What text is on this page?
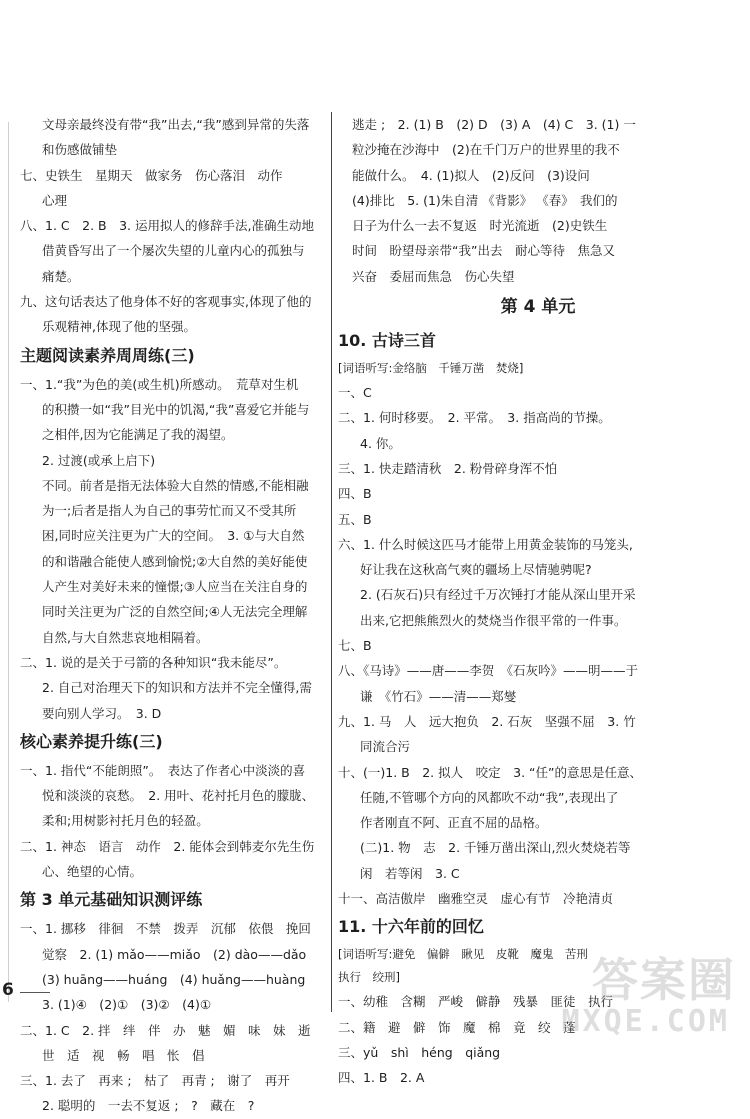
文母亲最终没有带“我”出去,“我”感到异常的失落
和伤感做铺垫
七、史铁生　星期天　做家务　伤心落泪　动作
心理
八、1. C　2. B　3. 运用拟人的修辞手法,准确生动地
借黄昏写出了一个屡次失望的儿童内心的孤独与
痛楚。
九、这句话表达了他身体不好的客观事实,体现了他的
乐观精神,体现了他的坚强。
主题阅读素养周周练(三)
一、1.“我”为色的美(或生机)所感动。　荒草对生机
的积攒一如“我”目光中的饥渴,“我”喜爱它并能与
之相伴,因为它能满足了我的渴望。
2. 过渡(或承上启下)
不同。前者是指无法体验大自然的情感,不能相融
为一;后者是指人为自己的事劳忙而又不受其所
困,同时应关注更为广大的空间。　3. ①与大自然
的和谐融合能使人感到愉悦;②大自然的美好能使
人产生对美好未来的憧憬;③人应当在关注自身的
同时关注更为广泛的自然空间;④人无法完全理解
自然,与大自然悲哀地相隔着。
二、1. 说的是关于弓箭的各种知识“我未能尽”。
2. 自己对治理天下的知识和方法并不完全懂得,需
要向别人学习。　3. D
核心素养提升练(三)
一、1. 指代“不能朗照”。　表达了作者心中淡淡的喜
悦和淡淡的哀愁。　2. 用叶、花衬托月色的朦胧、
柔和;用树影衬托月色的轻盈。
二、1. 神态　语言　动作　2. 能体会到韩麦尔先生伤
心、绝望的心情。
第 3 单元基础知识测评练
一、1. 挪移　徘徊　不禁　拨弄　沉郁　依偎　挽回
觉察　2. (1) mǎo——miǎo　(2) dào——dǎo
(3) huāng——huáng　(4) huǎng——huàng
3. (1)④　(2)①　(3)②　(4)①
二、1. C　2. 拌　绊　伴　办　魅　媚　味　妹　逝
世　适　视　畅　唱　怅　倡
三、1. 去了　再来 ;　枯了　再青 ;　谢了　再开
2. 聪明的　一去不复返 ;　?　藏在　?
逃走 ;　2. (1) B　(2) D　(3) A　(4) C　3. (1) 一
粒沙掩在沙海中　(2)在千门万户的世界里的我不
能做什么。　4. (1)拟人　(2)反问　(3)设问
(4)排比　5. (1)朱自清 《背影》 《春》　我们的
日子为什么一去不复返　时光流逝　(2)史铁生
时间　盼望母亲带“我”出去　耐心等待　焦急又
兴奋　委屈而焦急　伤心失望
第 4 单元
10. 古诗三首
[词语听写:金络脑　千锤万凿　焚烧]
一、C
二、1. 何时移要。　2. 平常。　3. 指高尚的节操。
4. 你。
三、1. 快走踏清秋　2. 粉骨碎身浑不怕
四、B
五、B
六、1. 什么时候这匹马才能带上用黄金装饰的马笼头,
好让我在这秋高气爽的疆场上尽情驰骋呢?
2. (石灰石)只有经过千万次锤打才能从深山里开采
出来,它把熊熊烈火的焚烧当作很平常的一件事。
七、B
八、《马诗》——唐——李贺　《石灰吟》——明——于
谦　《竹石》——清——郑燮
九、1. 马　人　远大抱负　2. 石灰　坚强不屈　3. 竹
同流合污
十、(一)1. B　2. 拟人　咬定　3. “任”的意思是任意、
任随,不管哪个方向的风都吹不动“我”,表现出了
作者刚直不阿、正直不屈的品格。
(二)1. 物　志　2. 千锤万凿出深山,烈火焚烧若等
闲　若等闲　3. C
十一、高洁傲岸　幽雅空灵　虚心有节　冷艳清贞
11. 十六年前的回忆
[词语听写:避免　偏僻　瞅见　皮靴　魔鬼　苦刑
执行　绞刑]
一、幼稚　含糊　严峻　僻静　残暴　匪徒　执行
二、籍　避　僻　饰　魔　棉　竟　绞　蓬
三、yǔ　shì　héng　qiǎng
四、1. B　2. A
6	答案圈
MXQE.COM
